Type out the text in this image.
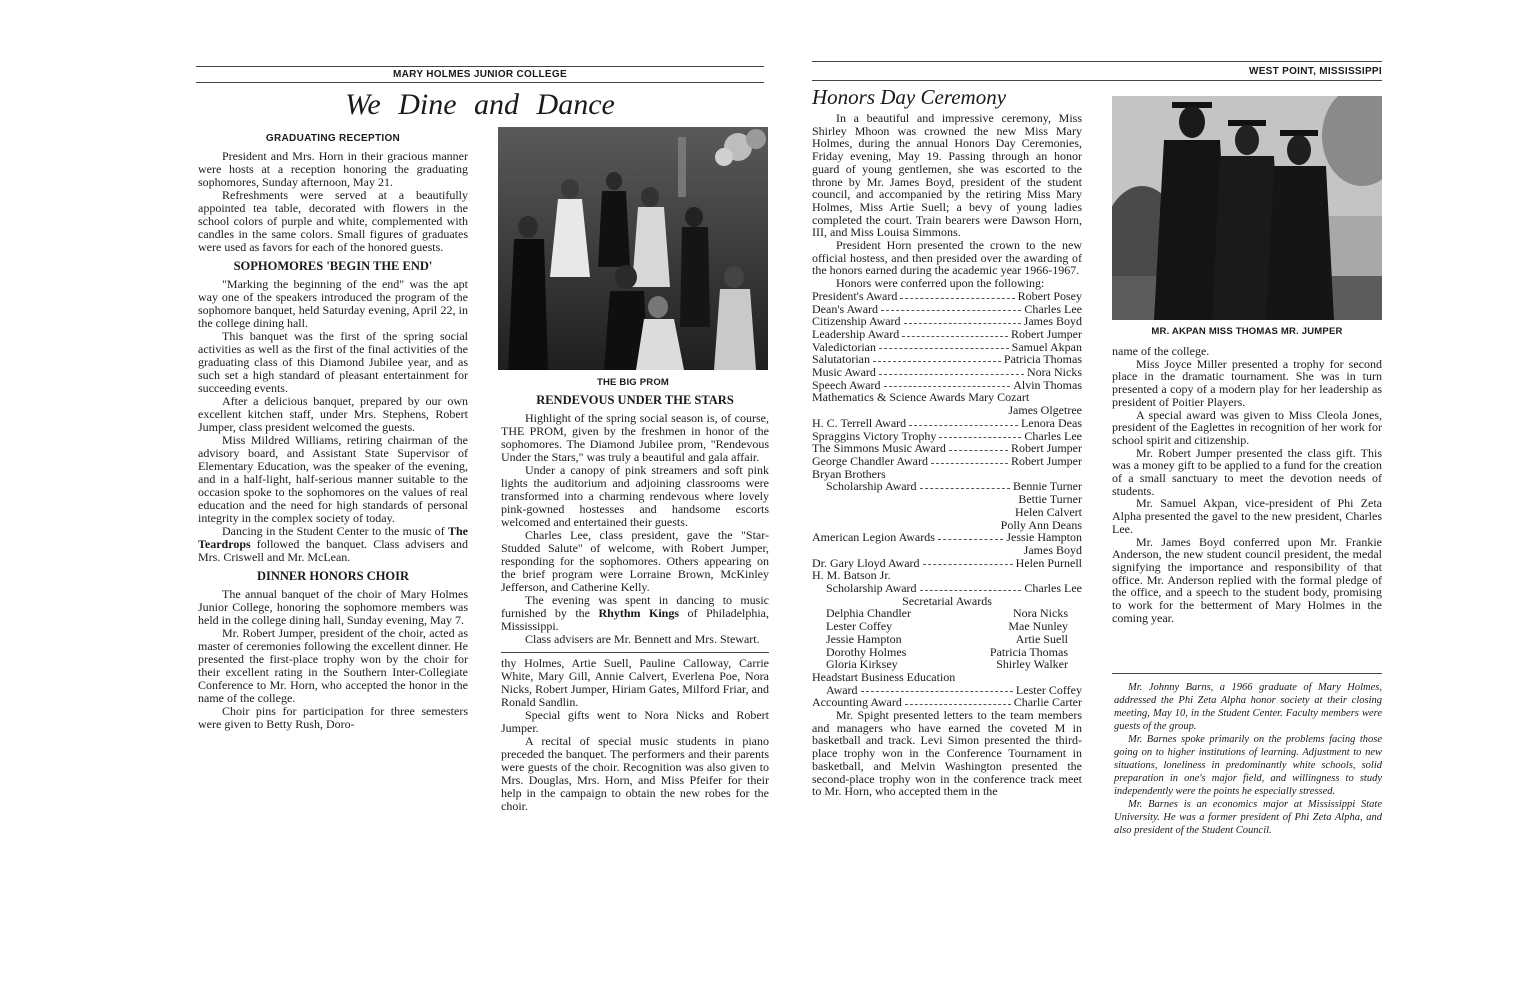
MARY HOLMES JUNIOR COLLEGE
We Dine and Dance
GRADUATING RECEPTION

President and Mrs. Horn in their gracious manner were hosts at a reception honoring the graduating sophomores, Sunday afternoon, May 21.

Refreshments were served at a beautifully appointed tea table, decorated with flowers in the school colors of purple and white, complemented with candles in the same colors. Small figures of graduates were used as favors for each of the honored guests.

SOPHOMORES 'BEGIN THE END'

"Marking the beginning of the end" was the apt way one of the speakers introduced the program of the sophomore banquet, held Saturday evening, April 22, in the college dining hall.

This banquet was the first of the spring social activities as well as the first of the final activities of the graduating class of this Diamond Jubilee year, and as such set a high standard of pleasant entertainment for succeeding events.

After a delicious banquet, prepared by our own excellent kitchen staff, under Mrs. Stephens, Robert Jumper, class president welcomed the guests.

Miss Mildred Williams, retiring chairman of the advisory board, and Assistant State Supervisor of Elementary Education, was the speaker of the evening, and in a half-light, half-serious manner suitable to the occasion spoke to the sophomores on the values of real education and the need for high standards of personal integrity in the complex society of today.

Dancing in the Student Center to the music of The Teardrops followed the banquet. Class advisers and Mrs. Criswell and Mr. McLean.

DINNER HONORS CHOIR

The annual banquet of the choir of Mary Holmes Junior College, honoring the sophomore members was held in the college dining hall, Sunday evening, May 7.

Mr. Robert Jumper, president of the choir, acted as master of ceremonies following the excellent dinner. He presented the first-place trophy won by the choir for their excellent rating in the Southern Inter-Collegiate Conference to Mr. Horn, who accepted the honor in the name of the college.

Choir pins for participation for three semesters were given to Betty Rush, Doro-

THE BIG PROM
RENDEVOUS UNDER THE STARS

Highlight of the spring social season is, of course, THE PROM, given by the freshmen in honor of the sophomores. The Diamond Jubilee prom, "Rendevous Under the Stars," was truly a beautiful and gala affair.

Under a canopy of pink streamers and soft pink lights the auditorium and adjoining classrooms were transformed into a charming rendevous where lovely pink-gowned hostesses and handsome escorts welcomed and entertained their guests.

Charles Lee, class president, gave the "Star-Studded Salute" of welcome, with Robert Jumper, responding for the sophomores. Others appearing on the brief program were Lorraine Brown, McKinley Jefferson, and Catherine Kelly.

The evening was spent in dancing to music furnished by the Rhythm Kings of Philadelphia, Mississippi.

Class advisers are Mr. Bennett and Mrs. Stewart.

thy Holmes, Artie Suell, Pauline Calloway, Carrie White, Mary Gill, Annie Calvert, Everlena Poe, Nora Nicks, Robert Jumper, Hiriam Gates, Milford Friar, and Ronald Sandlin.

Special gifts went to Nora Nicks and Robert Jumper.

A recital of special music students in piano preceded the banquet. The performers and their parents were guests of the choir. Recognition was also given to Mrs. Douglas, Mrs. Horn, and Miss Pfeifer for their help in the campaign to obtain the new robes for the choir.

WEST POINT, MISSISSIPPI
Honors Day Ceremony

In a beautiful and impressive ceremony, Miss Shirley Mhoon was crowned the new Miss Mary Holmes, during the annual Honors Day Ceremonies, Friday evening, May 19. Passing through an honor guard of young gentlemen, she was escorted to the throne by Mr. James Boyd, president of the student council, and accompanied by the retiring Miss Mary Holmes, Miss Artie Suell; a bevy of young ladies completed the court. Train bearers were Dawson Horn, III, and Miss Louisa Simmons.

President Horn presented the crown to the new official hostess, and then presided over the awarding of the honors earned during the academic year 1966-1967.

Honors were conferred upon the following:

President's Award	Robert Posey
Dean's Award	Charles Lee
Citizenship Award	James Boyd
Leadership Award	Robert Jumper
Valedictorian	Samuel Akpan
Salutatorian	Patricia Thomas
Music Award	Nora Nicks
Speech Award	Alvin Thomas
Mathematics & Science Awards Mary Cozart
James Olgetree
H. C. Terrell Award	Lenora Deas
Spraggins Victory Trophy	Charles Lee
The Simmons Music Award	Robert Jumper
George Chandler Award	Robert Jumper
Bryan Brothers
Scholarship Award	Bennie Turner
Bettie Turner
Helen Calvert
Polly Ann Deans
American Legion Awards	Jessie Hampton
James Boyd
Dr. Gary Lloyd Award	Helen Purnell
H. M. Batson Jr.
Scholarship Award	Charles Lee
Secretarial Awards
Delphia Chandler	Nora Nicks
Lester Coffey	Mae Nunley
Jessie Hampton	Artie Suell
Dorothy Holmes	Patricia Thomas
Gloria Kirksey	Shirley Walker
Headstart Business Education
Award	Lester Coffey
Accounting Award	Charlie Carter

Mr. Spight presented letters to the team members and managers who have earned the coveted M in basketball and track. Levi Simon presented the third-place trophy won in the Conference Tournament in basketball, and Melvin Washington presented the second-place trophy won in the conference track meet to Mr. Horn, who accepted them in the

MR. AKPAN MISS THOMAS MR. JUMPER

name of the college.

Miss Joyce Miller presented a trophy for second place in the dramatic tournament. She was in turn presented a copy of a modern play for her leadership as president of Poitier Players.

A special award was given to Miss Cleola Jones, president of the Eaglettes in recognition of her work for school spirit and citizenship.

Mr. Robert Jumper presented the class gift. This was a money gift to be applied to a fund for the creation of a small sanctuary to meet the devotion needs of students.

Mr. Samuel Akpan, vice-president of Phi Zeta Alpha presented the gavel to the new president, Charles Lee.

Mr. James Boyd conferred upon Mr. Frankie Anderson, the new student council president, the medal signifying the importance and responsibility of that office. Mr. Anderson replied with the formal pledge of the office, and a speech to the student body, promising to work for the betterment of Mary Holmes in the coming year.

Mr. Johnny Barns, a 1966 graduate of Mary Holmes, addressed the Phi Zeta Alpha honor society at their closing meeting, May 10, in the Student Center. Faculty members were guests of the group.

Mr. Barnes spoke primarily on the problems facing those going on to higher institutions of learning. Adjustment to new situations, loneliness in predominantly white schools, solid preparation in one's major field, and willingness to study independently were the points he especially stressed.

Mr. Barnes is an economics major at Mississippi State University. He was a former president of Phi Zeta Alpha, and also president of the Student Council.
